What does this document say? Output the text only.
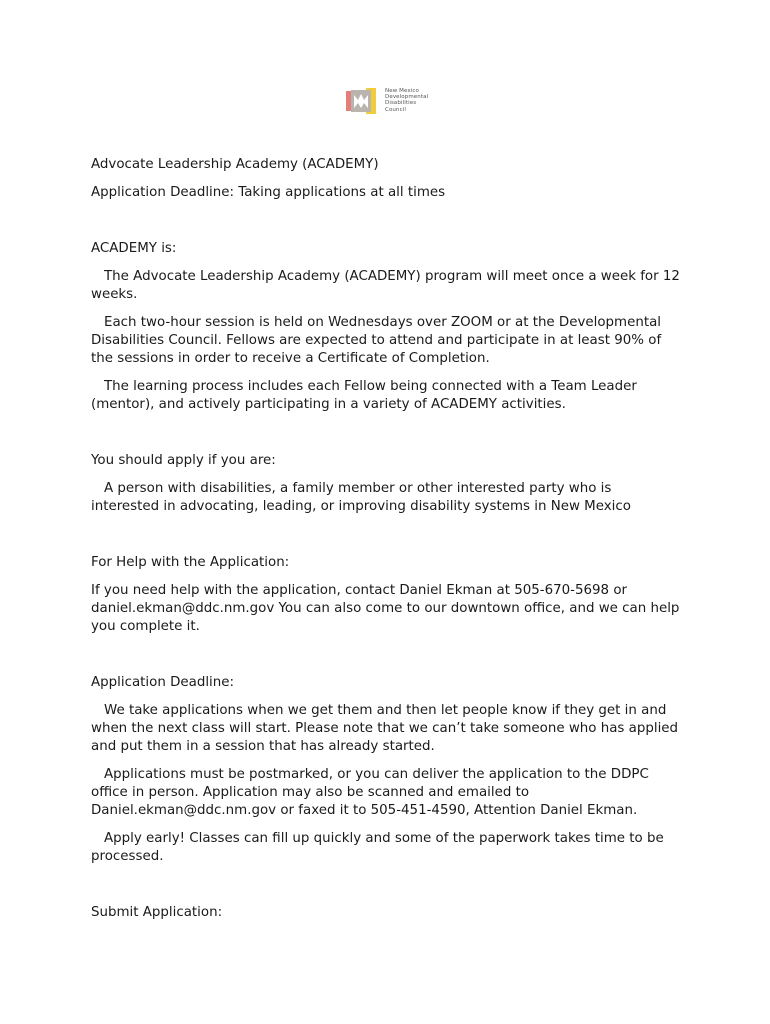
New Mexico
Developmental
Disabilities
Council

Advocate Leadership Academy (ACADEMY)

Application Deadline: Taking applications at all times

ACADEMY is:

The Advocate Leadership Academy (ACADEMY) program will meet once a week for 12 weeks.

Each two-hour session is held on Wednesdays over ZOOM or at the Developmental Disabilities Council. Fellows are expected to attend and participate in at least 90% of the sessions in order to receive a Certificate of Completion.

The learning process includes each Fellow being connected with a Team Leader (mentor), and actively participating in a variety of ACADEMY activities.

You should apply if you are:

A person with disabilities, a family member or other interested party who is interested in advocating, leading, or improving disability systems in New Mexico

For Help with the Application:

If you need help with the application, contact Daniel Ekman at 505-670-5698 or daniel.ekman@ddc.nm.gov You can also come to our downtown office, and we can help you complete it.

Application Deadline:

We take applications when we get them and then let people know if they get in and when the next class will start. Please note that we can’t take someone who has applied and put them in a session that has already started.

Applications must be postmarked, or you can deliver the application to the DDPC office in person. Application may also be scanned and emailed to Daniel.ekman@ddc.nm.gov or faxed it to 505-451-4590, Attention Daniel Ekman.

Apply early! Classes can fill up quickly and some of the paperwork takes time to be processed.

Submit Application:
